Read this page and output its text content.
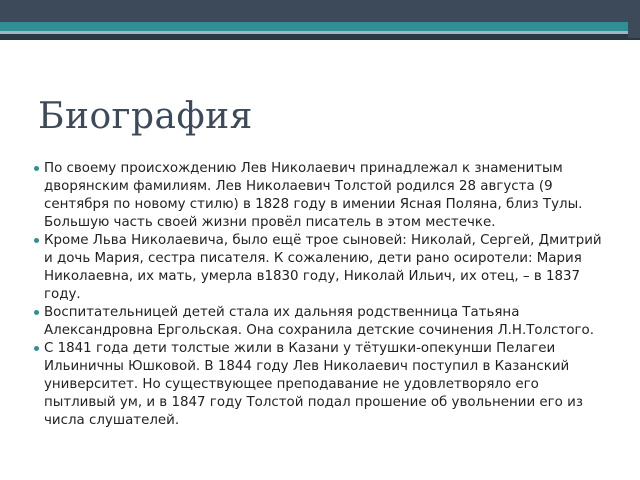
Биография
По своему происхождению Лев Николаевич принадлежал к знаменитым дворянским фамилиям. Лев Николаевич Толстой родился 28 августа (9 сентября по новому стилю) в 1828 году в имении Ясная Поляна, близ Тулы. Большую часть своей жизни провёл писатель в этом местечке.
Кроме Льва Николаевича, было ещё трое сыновей: Николай, Сергей, Дмитрий и дочь Мария, сестра писателя. К сожалению, дети рано осиротели: Мария Николаевна, их мать, умерла в1830 году, Николай Ильич, их отец, – в 1837 году.
Воспитательницей детей стала их дальняя родственница Татьяна Александровна Ергольская. Она сохранила детские сочинения Л.Н.Толстого.
С 1841 года дети толстые жили в Казани у тётушки-опекунши Пелагеи Ильиничны Юшковой. В 1844 году Лев Николаевич поступил в Казанский университет. Но существующее преподавание не удовлетворяло его пытливый ум, и в 1847 году Толстой подал прошение об увольнении его из числа слушателей.
